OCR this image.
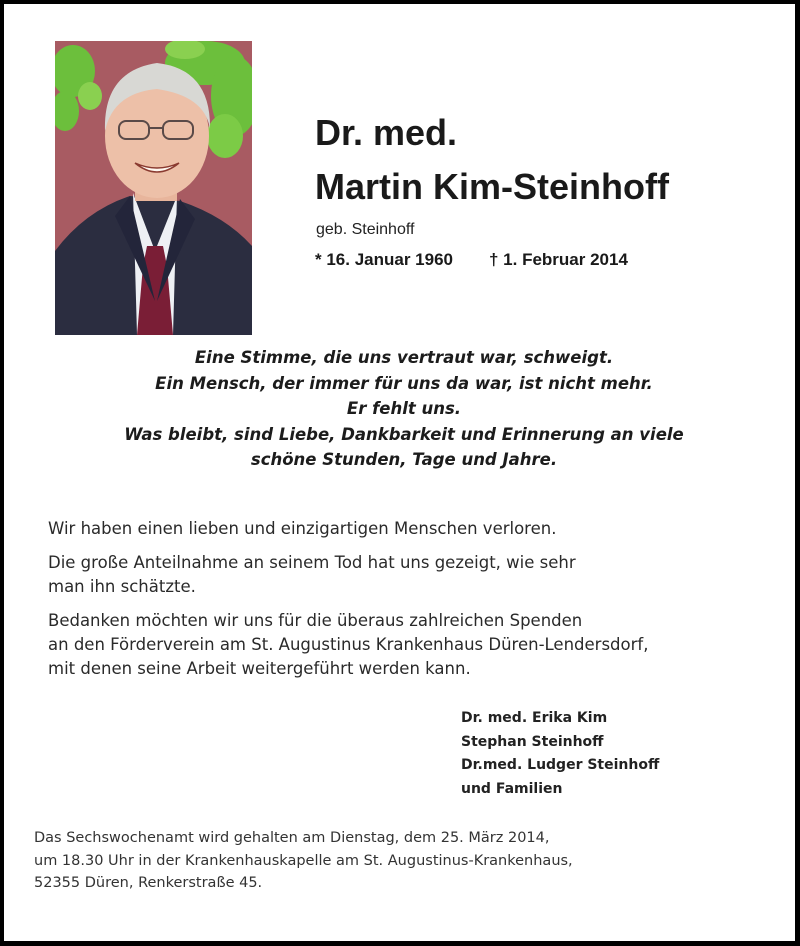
Dr. med.
Martin Kim-Steinhoff
geb. Steinhoff
* 16. Januar 1960 † 1. Februar 2014
Eine Stimme, die uns vertraut war, schweigt.
Ein Mensch, der immer für uns da war, ist nicht mehr.
Er fehlt uns.
Was bleibt, sind Liebe, Dankbarkeit und Erinnerung an viele
schöne Stunden, Tage und Jahre.

Wir haben einen lieben und einzigartigen Menschen verloren.

Die große Anteilnahme an seinem Tod hat uns gezeigt, wie sehr
man ihn schätzte.

Bedanken möchten wir uns für die überaus zahlreichen Spenden
an den Förderverein am St. Augustinus Krankenhaus Düren-Lendersdorf,
mit denen seine Arbeit weitergeführt werden kann.

Dr. med. Erika Kim
Stephan Steinhoff
Dr.med. Ludger Steinhoff
und Familien
Das Sechswochenamt wird gehalten am Dienstag, dem 25. März 2014,
um 18.30 Uhr in der Krankenhauskapelle am St. Augustinus-Krankenhaus,
52355 Düren, Renkerstraße 45.
